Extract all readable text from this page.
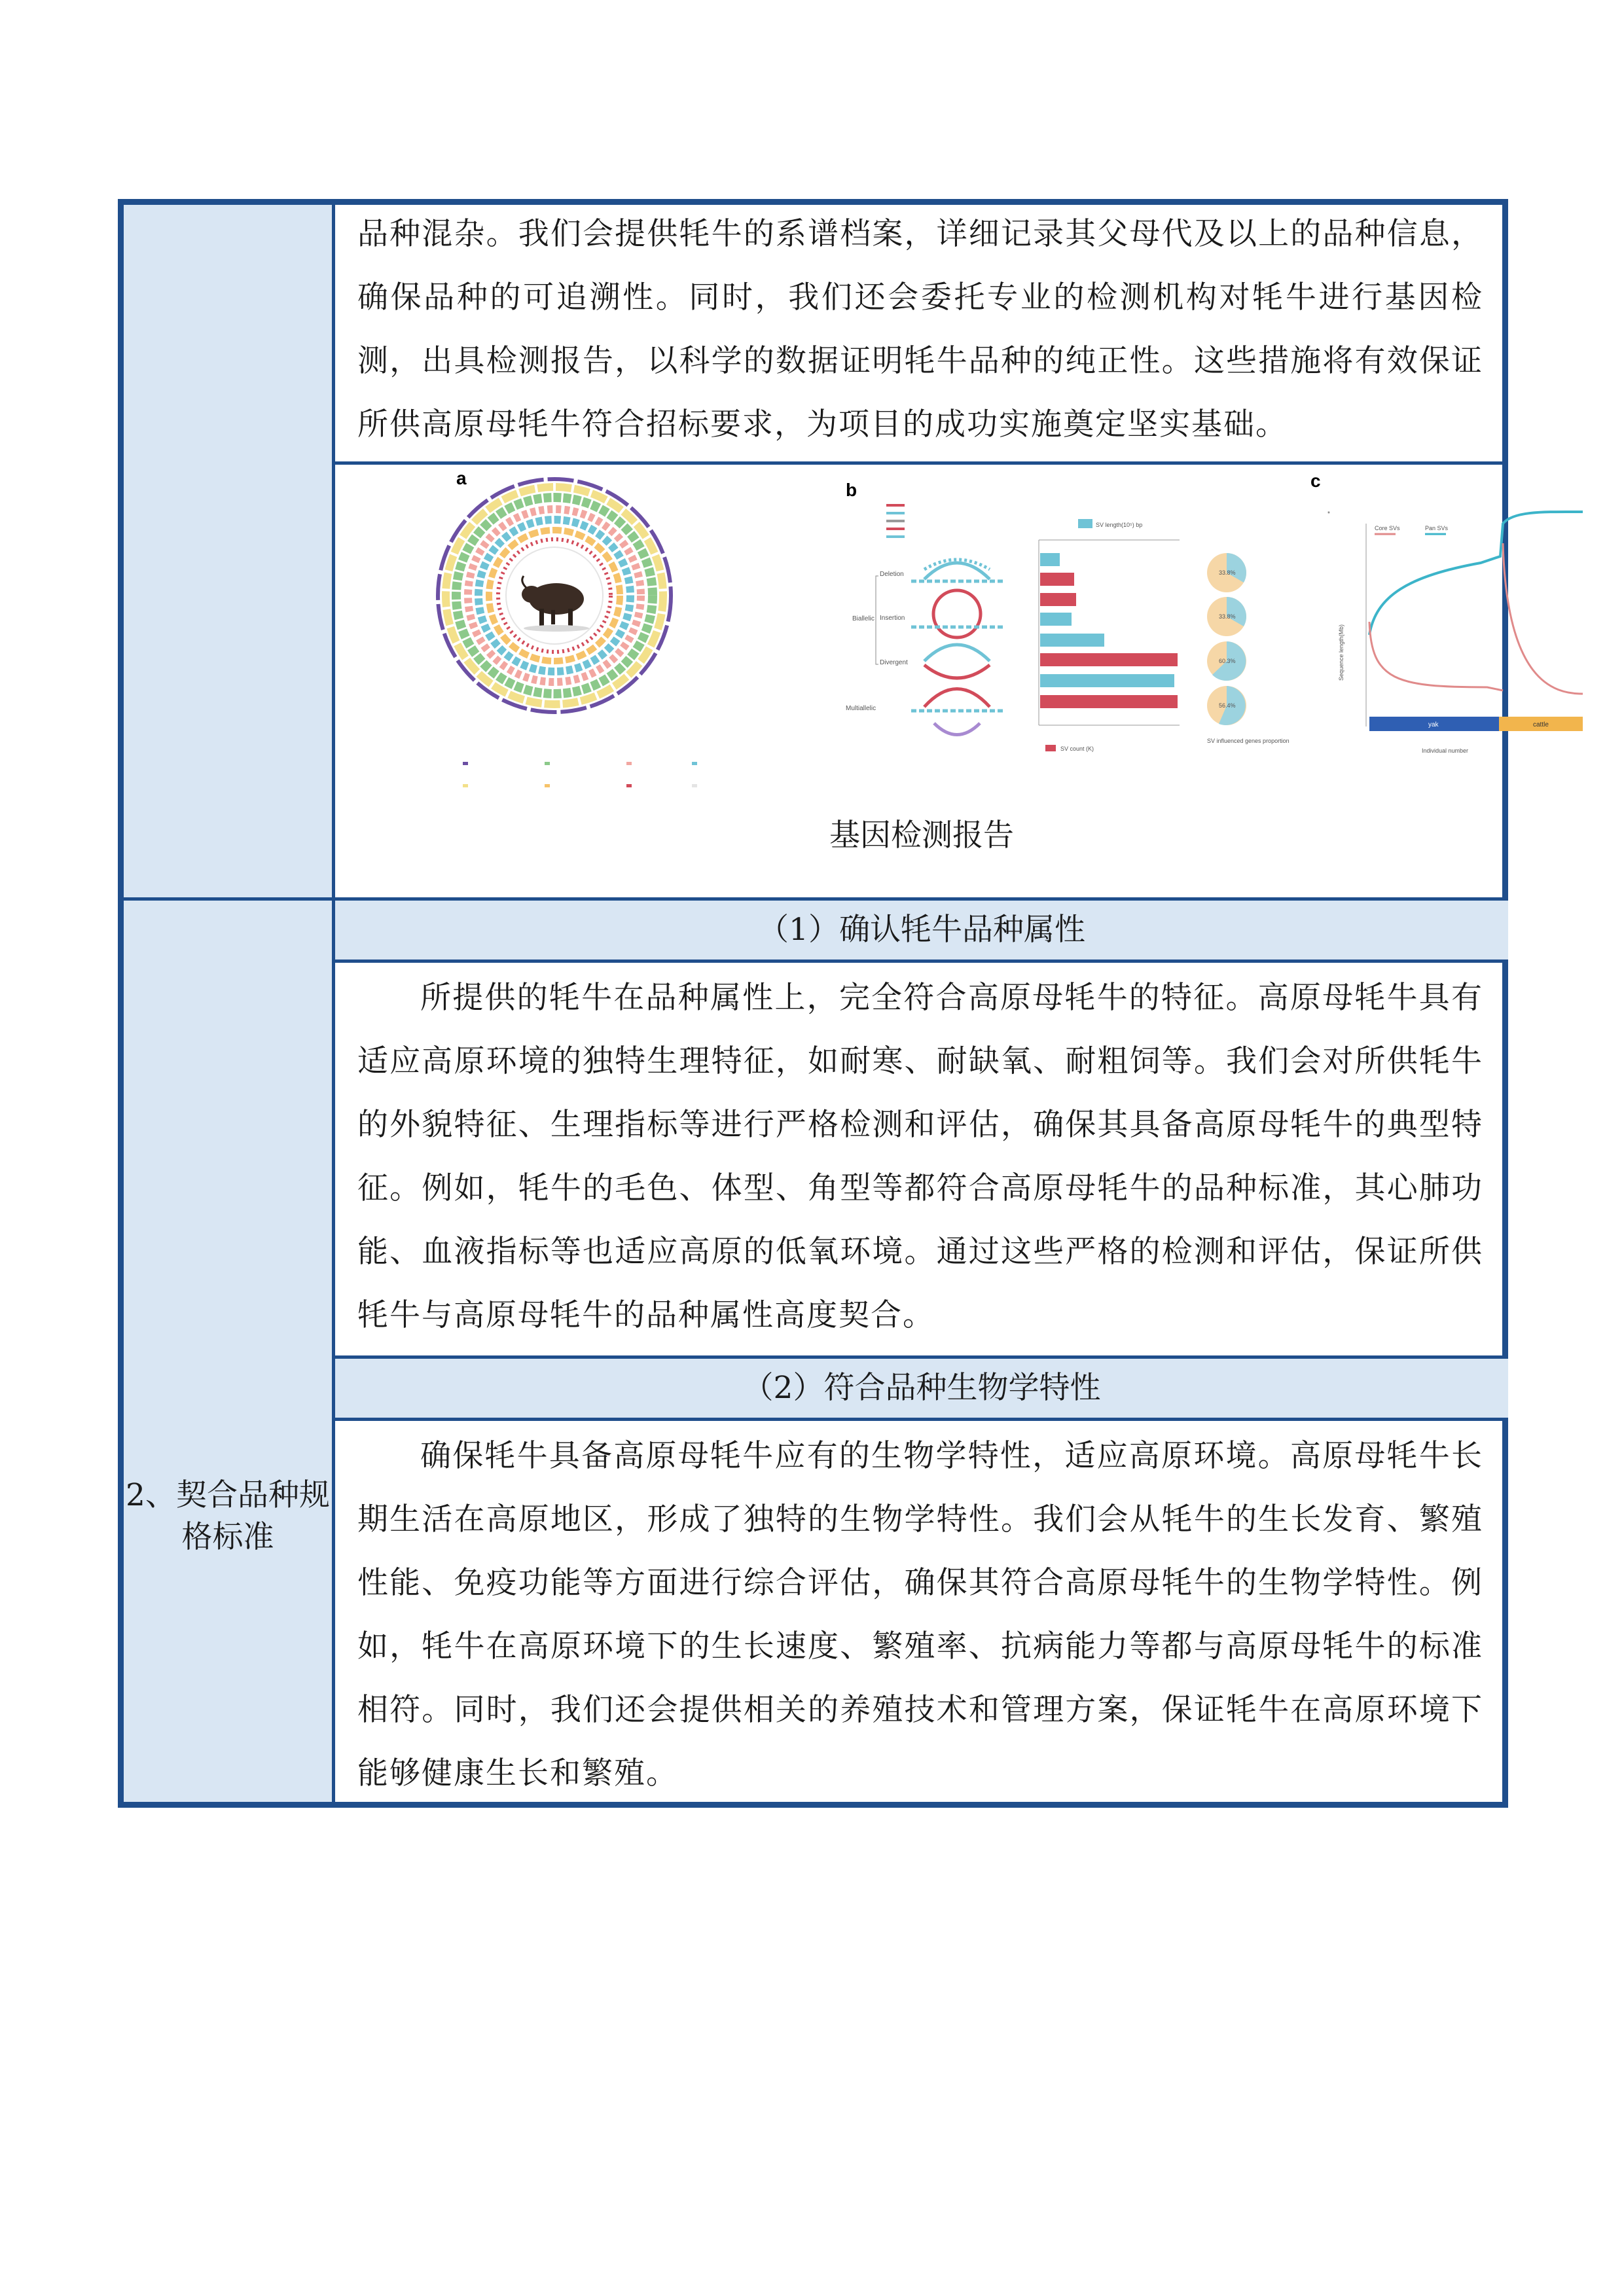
品种混杂。我们会提供牦牛的系谱档案，详细记录其父母代及以上的品种信息，确保品种的可追溯性。同时，我们还会委托专业的检测机构对牦牛进行基因检测，出具检测报告，以科学的数据证明牦牛品种的纯正性。这些措施将有效保证所供高原母牦牛符合招标要求，为项目的成功实施奠定坚实基础。
a
b
Deletion
Insertion
Divergent
Biallelic
Multiallelic
SV length(10⁵) bp
SV count (K)
33.8%
33.8%
60.3%
56.4%
SV influenced genes proportion
c
*
Core SVs	Pan SVs
yak	cattle
Individual number
Sequence length(Mb)
基因检测报告
2、契合品种规格标准
（1）确认牦牛品种属性
所提供的牦牛在品种属性上，完全符合高原母牦牛的特征。高原母牦牛具有适应高原环境的独特生理特征，如耐寒、耐缺氧、耐粗饲等。我们会对所供牦牛的外貌特征、生理指标等进行严格检测和评估，确保其具备高原母牦牛的典型特征。例如，牦牛的毛色、体型、角型等都符合高原母牦牛的品种标准，其心肺功能、血液指标等也适应高原的低氧环境。通过这些严格的检测和评估，保证所供牦牛与高原母牦牛的品种属性高度契合。
（2）符合品种生物学特性
确保牦牛具备高原母牦牛应有的生物学特性，适应高原环境。高原母牦牛长期生活在高原地区，形成了独特的生物学特性。我们会从牦牛的生长发育、繁殖性能、免疫功能等方面进行综合评估，确保其符合高原母牦牛的生物学特性。例如，牦牛在高原环境下的生长速度、繁殖率、抗病能力等都与高原母牦牛的标准相符。同时，我们还会提供相关的养殖技术和管理方案，保证牦牛在高原环境下能够健康生长和繁殖。
